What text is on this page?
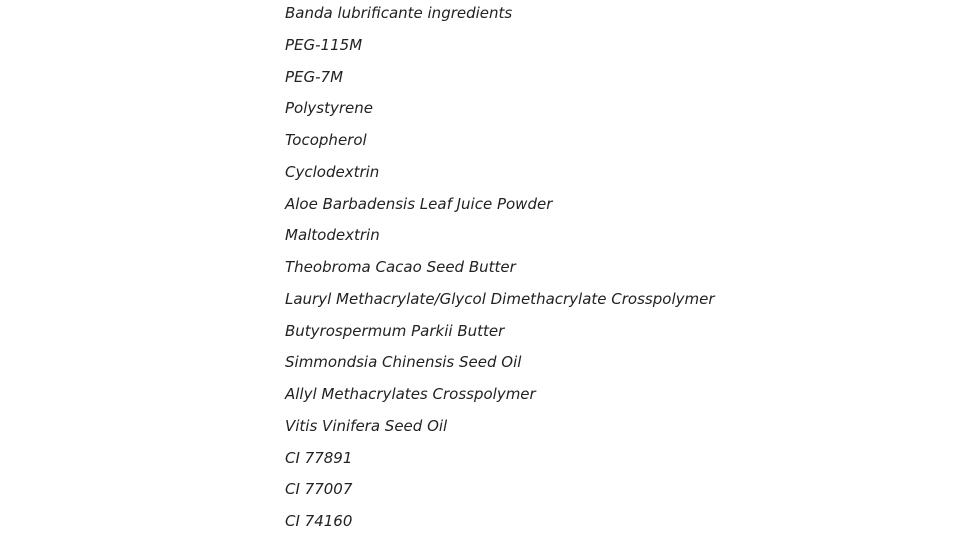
Banda lubrificante ingredients
PEG-115M
PEG-7M
Polystyrene
Tocopherol
Cyclodextrin
Aloe Barbadensis Leaf Juice Powder
Maltodextrin
Theobroma Cacao Seed Butter
Lauryl Methacrylate/Glycol Dimethacrylate Crosspolymer
Butyrospermum Parkii Butter
Simmondsia Chinensis Seed Oil
Allyl Methacrylates Crosspolymer
Vitis Vinifera Seed Oil
CI 77891
CI 77007
CI 74160
